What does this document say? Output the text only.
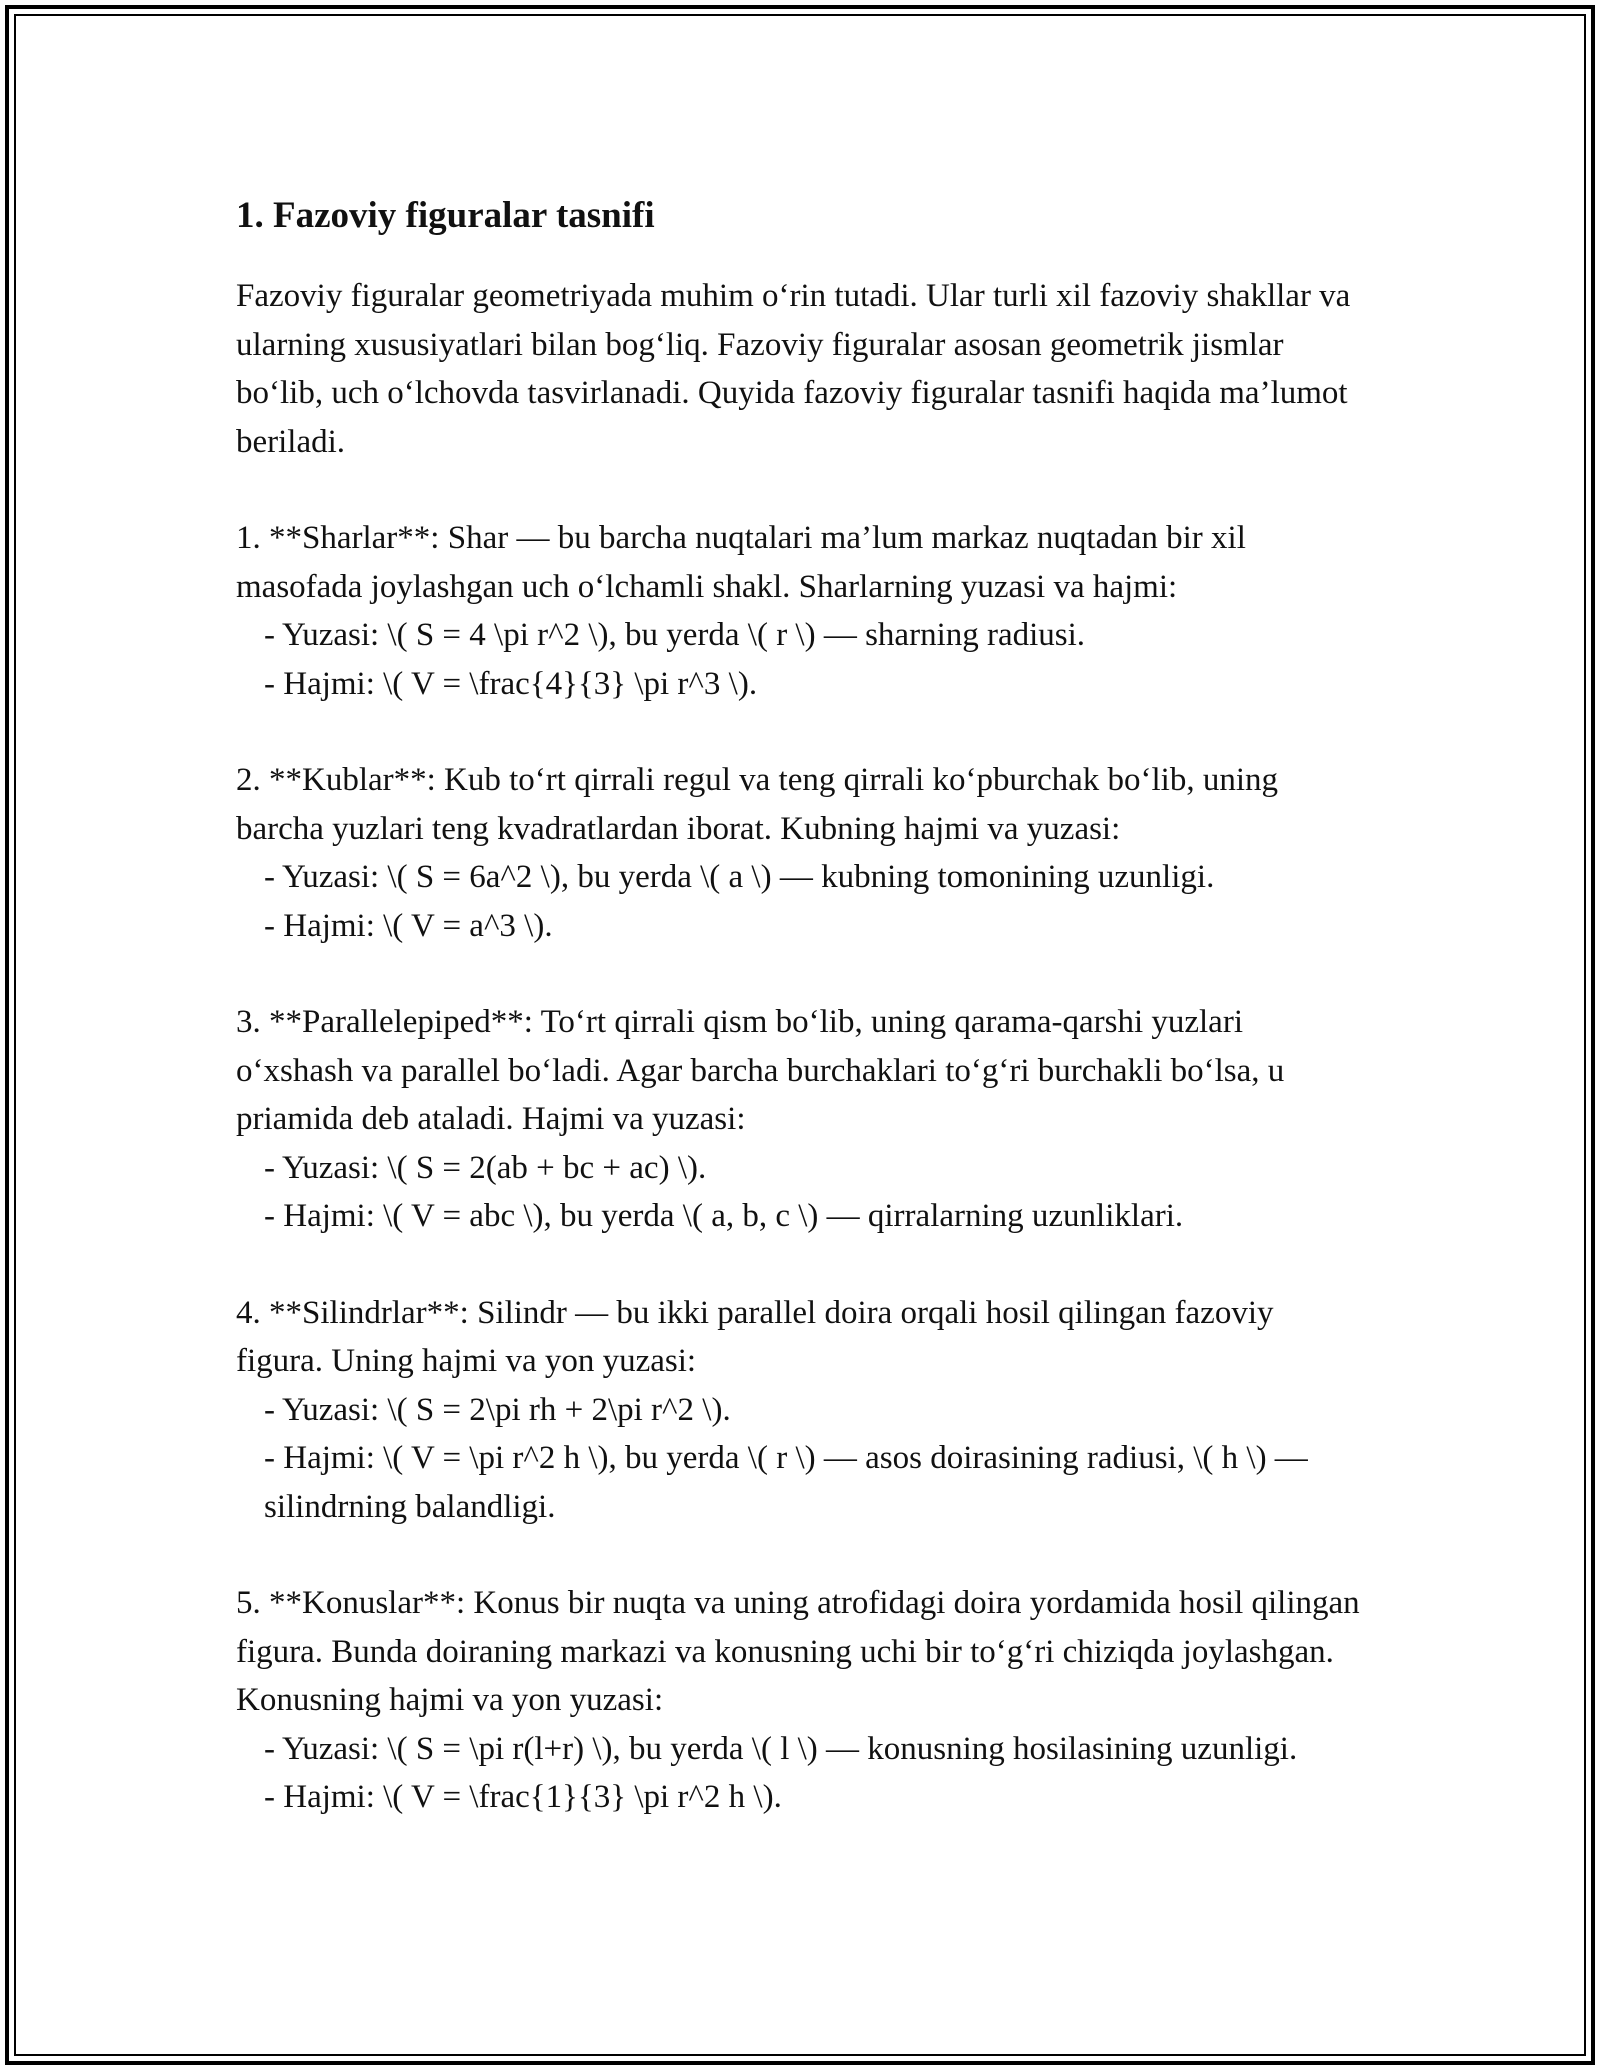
1. Fazoviy figuralar tasnifi

Fazoviy figuralar geometriyada muhim o‘rin tutadi. Ular turli xil fazoviy shakllar va ularning xususiyatlari bilan bog‘liq. Fazoviy figuralar asosan geometrik jismlar bo‘lib, uch o‘lchovda tasvirlanadi. Quyida fazoviy figuralar tasnifi haqida ma’lumot beriladi.

1. **Sharlar**: Shar — bu barcha nuqtalari ma’lum markaz nuqtadan bir xil masofada joylashgan uch o‘lchamli shakl. Sharlarning yuzasi va hajmi:

- Yuzasi: \( S = 4 \pi r^2 \), bu yerda \( r \) — sharning radiusi.

- Hajmi: \( V = \frac{4}{3} \pi r^3 \).

2. **Kublar**: Kub to‘rt qirrali regul va teng qirrali ko‘pburchak bo‘lib, uning barcha yuzlari teng kvadratlardan iborat. Kubning hajmi va yuzasi:

- Yuzasi: \( S = 6a^2 \), bu yerda \( a \) — kubning tomonining uzunligi.

- Hajmi: \( V = a^3 \).

3. **Parallelepiped**: To‘rt qirrali qism bo‘lib, uning qarama-qarshi yuzlari o‘xshash va parallel bo‘ladi. Agar barcha burchaklari to‘g‘ri burchakli bo‘lsa, u priamida deb ataladi. Hajmi va yuzasi:

- Yuzasi: \( S = 2(ab + bc + ac) \).

- Hajmi: \( V = abc \), bu yerda \( a, b, c \) — qirralarning uzunliklari.

4. **Silindrlar**: Silindr — bu ikki parallel doira orqali hosil qilingan fazoviy figura. Uning hajmi va yon yuzasi:

- Yuzasi: \( S = 2\pi rh + 2\pi r^2 \).

- Hajmi: \( V = \pi r^2 h \), bu yerda \( r \) — asos doirasining radiusi, \( h \) — silindrning balandligi.

5. **Konuslar**: Konus bir nuqta va uning atrofidagi doira yordamida hosil qilingan figura. Bunda doiraning markazi va konusning uchi bir to‘g‘ri chiziqda joylashgan. Konusning hajmi va yon yuzasi:

- Yuzasi: \( S = \pi r(l+r) \), bu yerda \( l \) — konusning hosilasining uzunligi.

- Hajmi: \( V = \frac{1}{3} \pi r^2 h \).
